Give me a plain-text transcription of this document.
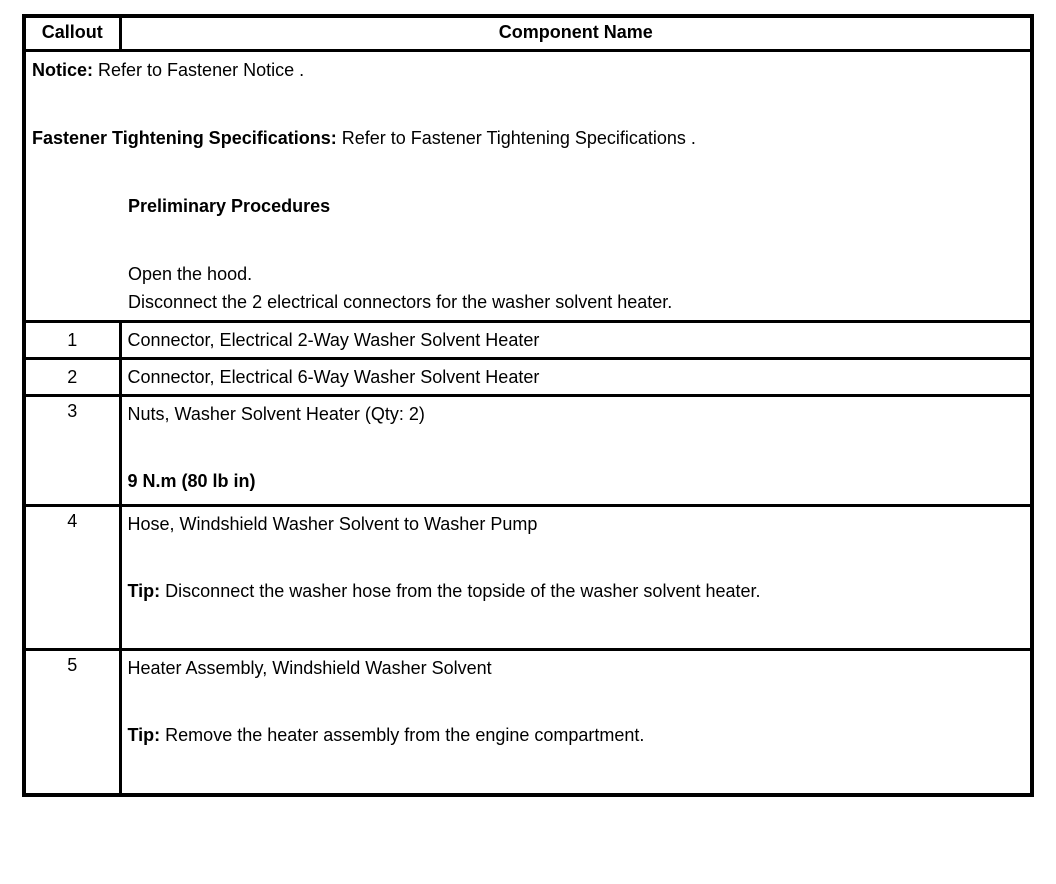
Callout	Component Name

Notice: Refer to Fastener Notice .

Fastener Tightening Specifications: Refer to Fastener Tightening Specifications .

Preliminary Procedures

Open the hood.
Disconnect the 2 electrical connectors for the washer solvent heater.	

1	Connector, Electrical 2-Way Washer Solvent Heater
2	Connector, Electrical 6-Way Washer Solvent Heater
3	Nuts, Washer Solvent Heater (Qty: 2)

9 N.m (80 lb in)

4	Hose, Windshield Washer Solvent to Washer Pump

Tip: Disconnect the washer hose from the topside of the washer solvent heater.

5	Heater Assembly, Windshield Washer Solvent

Tip: Remove the heater assembly from the engine compartment.
